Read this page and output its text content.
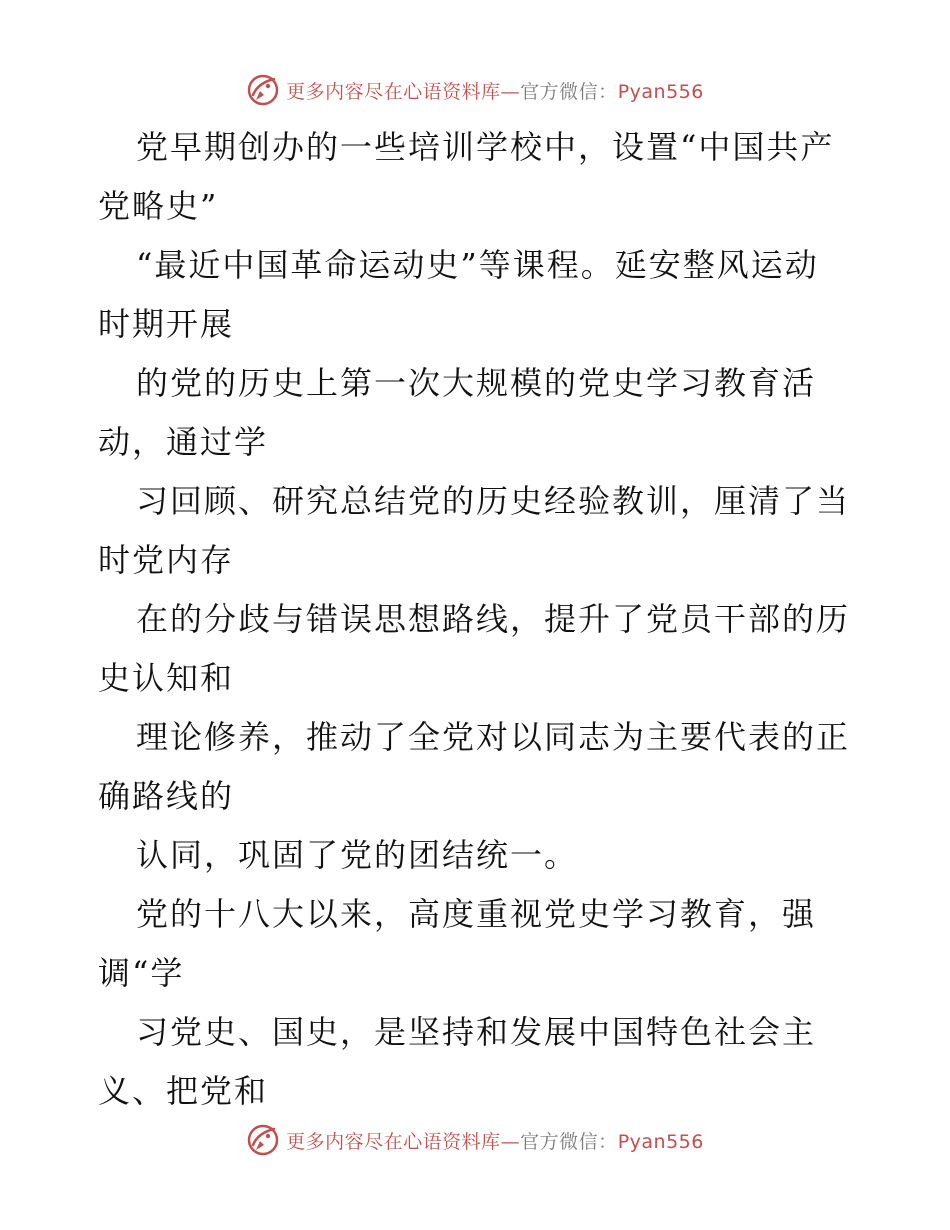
更多内容尽在心语资料库—官方微信：Pyan556
党早期创办的一些培训学校中，设置“中国共产
党略史”
“最近中国革命运动史”等课程。延安整风运动
时期开展
的党的历史上第一次大规模的党史学习教育活
动，通过学
习回顾、研究总结党的历史经验教训，厘清了当
时党内存
在的分歧与错误思想路线，提升了党员干部的历
史认知和
理论修养，推动了全党对以同志为主要代表的正
确路线的
认同，巩固了党的团结统一。
党的十八大以来，高度重视党史学习教育，强
调“学
习党史、国史，是坚持和发展中国特色社会主
义、把党和
更多内容尽在心语资料库—官方微信：Pyan556
